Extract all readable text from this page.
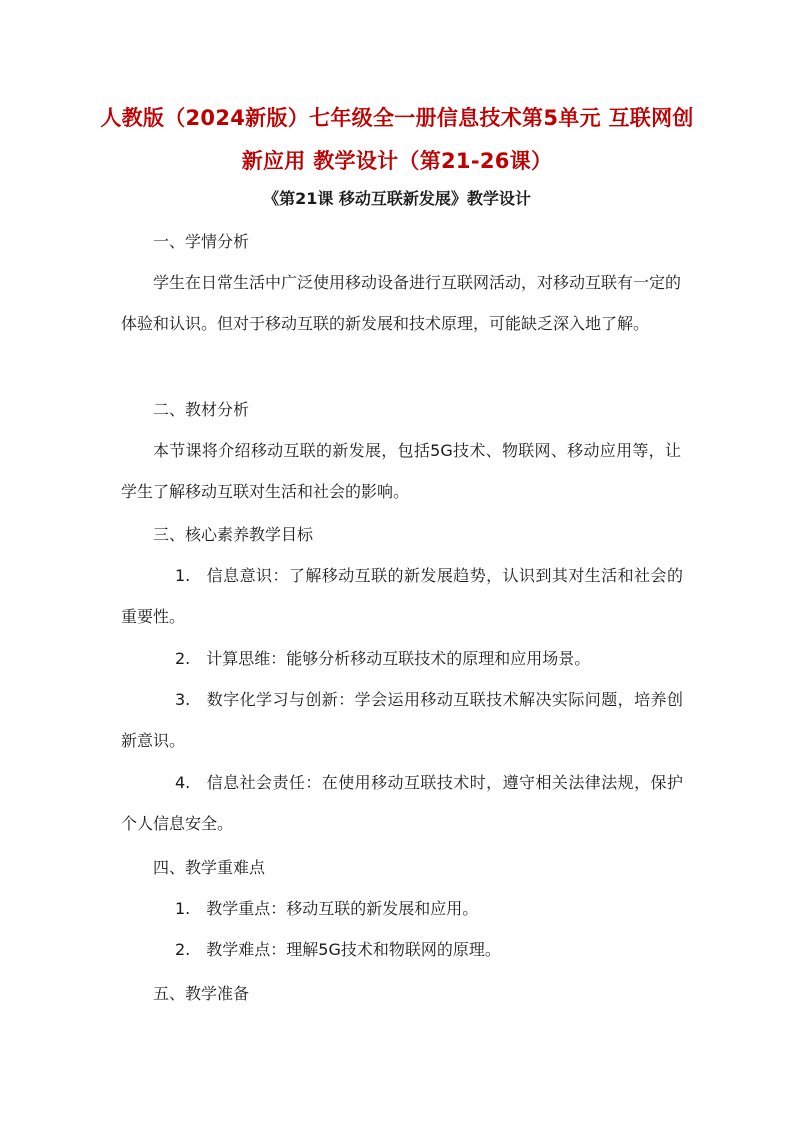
人教版（2024新版）七年级全一册信息技术第5单元 互联网创新应用 教学设计（第21-26课）
《第21课 移动互联新发展》教学设计
一、学情分析
学生在日常生活中广泛使用移动设备进行互联网活动，对移动互联有一定的体验和认识。但对于移动互联的新发展和技术原理，可能缺乏深入地了解。
二、教材分析
本节课将介绍移动互联的新发展，包括5G技术、物联网、移动应用等，让学生了解移动互联对生活和社会的影响。
三、核心素养教学目标
1. 信息意识：了解移动互联的新发展趋势，认识到其对生活和社会的重要性。
2. 计算思维：能够分析移动互联技术的原理和应用场景。
3. 数字化学习与创新：学会运用移动互联技术解决实际问题，培养创新意识。
4. 信息社会责任：在使用移动互联技术时，遵守相关法律法规，保护个人信息安全。
四、教学重难点
1. 教学重点：移动互联的新发展和应用。
2. 教学难点：理解5G技术和物联网的原理。
五、教学准备
